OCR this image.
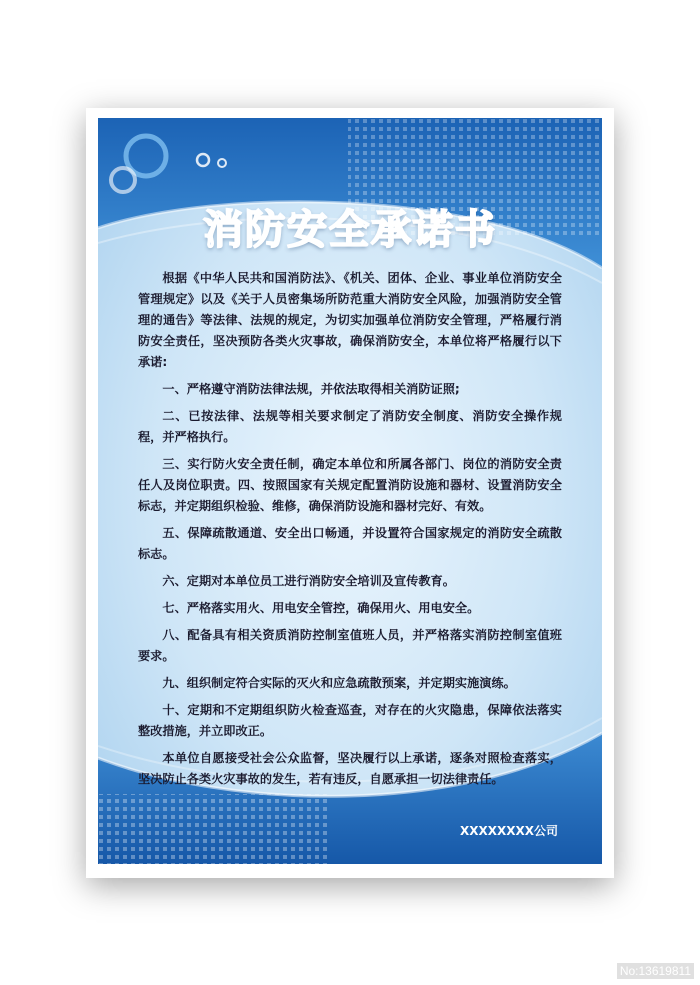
消防安全承诺书

根据《中华人民共和国消防法》、《机关、团体、企业、事业单位消防安全管理规定》以及《关于人员密集场所防范重大消防安全风险，加强消防安全管理的通告》等法律、法规的规定，为切实加强单位消防安全管理，严格履行消防安全责任，坚决预防各类火灾事故，确保消防安全，本单位将严格履行以下承诺:

一、严格遵守消防法律法规，并依法取得相关消防证照;

二、已按法律、法规等相关要求制定了消防安全制度、消防安全操作规程，并严格执行。

三、实行防火安全责任制，确定本单位和所属各部门、岗位的消防安全责任人及岗位职责。四、按照国家有关规定配置消防设施和器材、设置消防安全标志，并定期组织检验、维修，确保消防设施和器材完好、有效。

五、保障疏散通道、安全出口畅通，并设置符合国家规定的消防安全疏散标志。

六、定期对本单位员工进行消防安全培训及宣传教育。

七、严格落实用火、用电安全管控，确保用火、用电安全。

八、配备具有相关资质消防控制室值班人员，并严格落实消防控制室值班要求。

九、组织制定符合实际的灭火和应急疏散预案，并定期实施演练。

十、定期和不定期组织防火检查巡查，对存在的火灾隐患，保障依法落实整改措施，并立即改正。

本单位自愿接受社会公众监督，坚决履行以上承诺，逐条对照检查落实，坚决防止各类火灾事故的发生，若有违反，自愿承担一切法律责任。

XXXXXXXX公司
No:13619811
